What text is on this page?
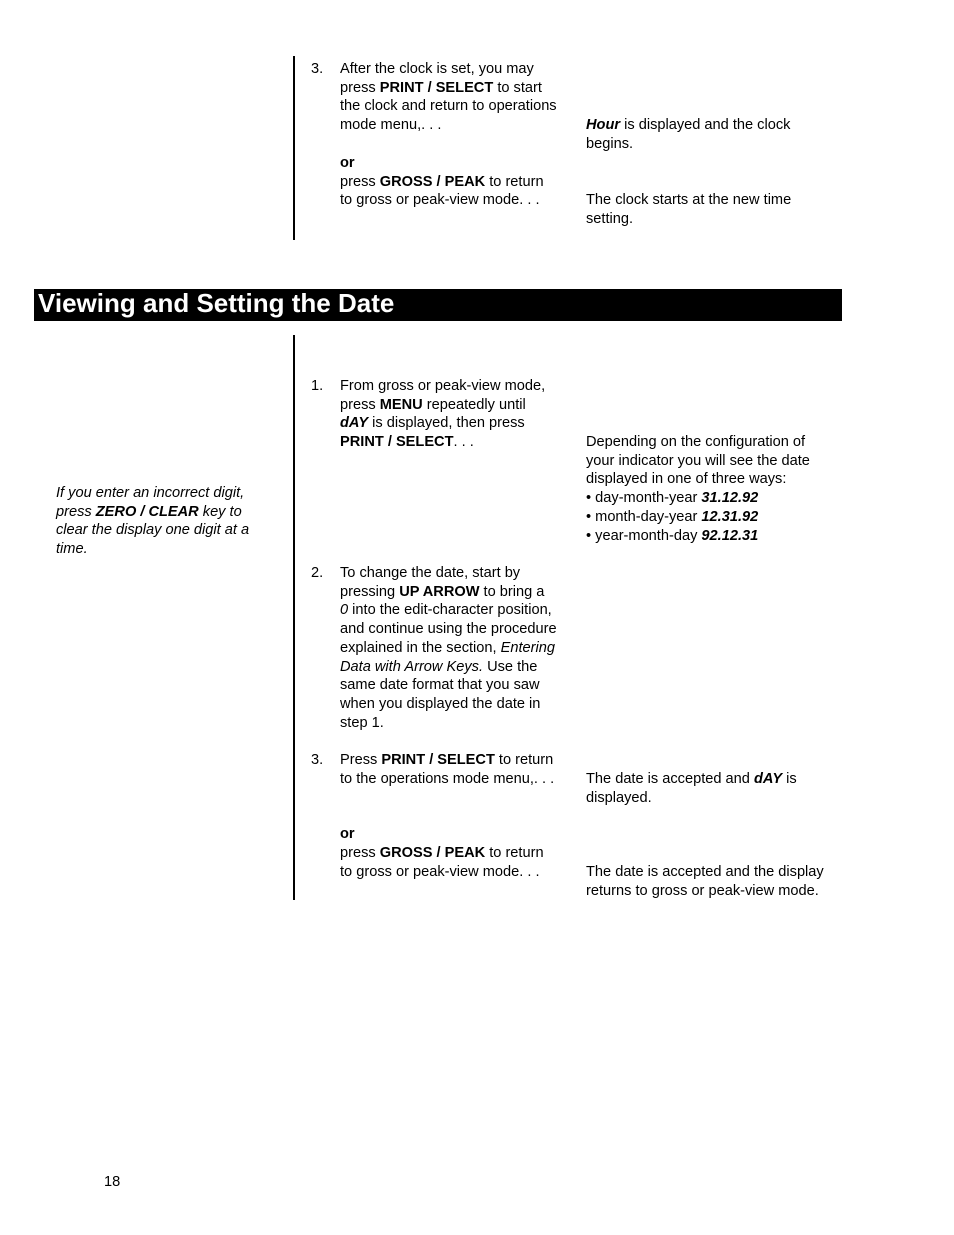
3. After the clock is set, you may
press PRINT / SELECT to start
the clock and return to operations
mode menu,. . .
or
press GROSS / PEAK to return
to gross or peak-view mode. . .
Hour is displayed and the clock
begins.
The clock starts at the new time
setting.
Viewing and Setting the Date
If you enter an incorrect digit,
press ZERO / CLEAR key to
clear the display one digit at a
time.
1. From gross or peak-view mode,
press MENU repeatedly until
dAY is displayed, then press
PRINT / SELECT. . .	Depending on the configuration of
your indicator you will see the date
displayed in one of three ways:
• day-month-year 31.12.92
• month-day-year 12.31.92
• year-month-day 92.12.31
2. To change the date, start by
pressing UP ARROW to bring a
0 into the edit-character position,
and continue using the procedure
explained in the section, Entering
Data with Arrow Keys. Use the
same date format that you saw
when you displayed the date in
step 1.
3. Press PRINT / SELECT to return
to the operations mode menu,. . .
or
press GROSS / PEAK to return
to gross or peak-view mode. . .
The date is accepted and dAY is
displayed.
The date is accepted and the display
returns to gross or peak-view mode.
18
